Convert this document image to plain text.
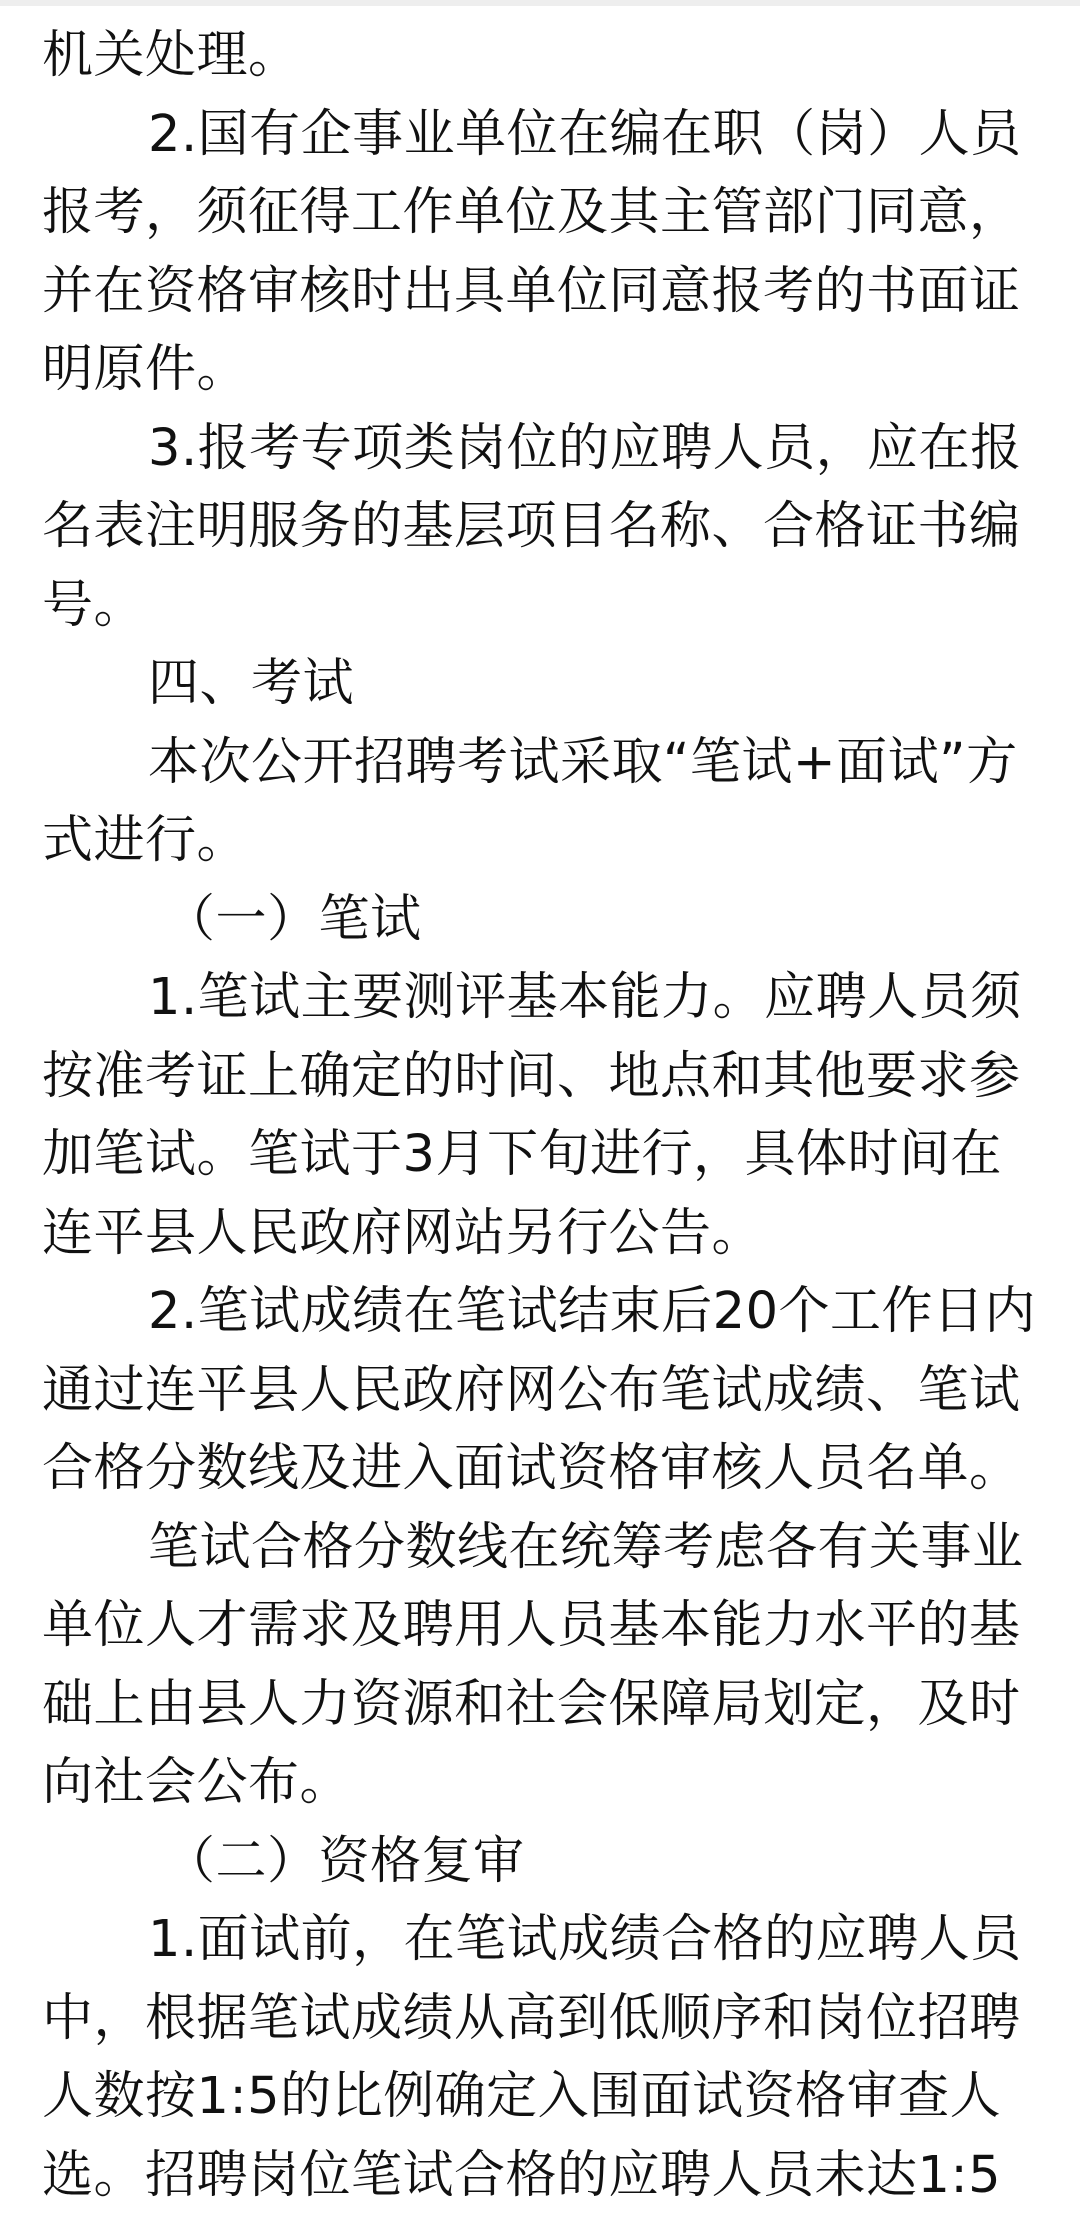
机关处理。
2.国有企事业单位在编在职（岗）人员
报考，须征得工作单位及其主管部门同意，
并在资格审核时出具单位同意报考的书面证
明原件。
3.报考专项类岗位的应聘人员，应在报
名表注明服务的基层项目名称、合格证书编
号。
四、考试
本次公开招聘考试采取“笔试+面试”方
式进行。
（一）笔试
1.笔试主要测评基本能力。应聘人员须
按准考证上确定的时间、地点和其他要求参
加笔试。笔试于3月下旬进行，具体时间在
连平县人民政府网站另行公告。
2.笔试成绩在笔试结束后20个工作日内
通过连平县人民政府网公布笔试成绩、笔试
合格分数线及进入面试资格审核人员名单。
笔试合格分数线在统筹考虑各有关事业
单位人才需求及聘用人员基本能力水平的基
础上由县人力资源和社会保障局划定，及时
向社会公布。
（二）资格复审
1.面试前，在笔试成绩合格的应聘人员
中，根据笔试成绩从高到低顺序和岗位招聘
人数按1:5的比例确定入围面试资格审查人
选。招聘岗位笔试合格的应聘人员未达1:5
